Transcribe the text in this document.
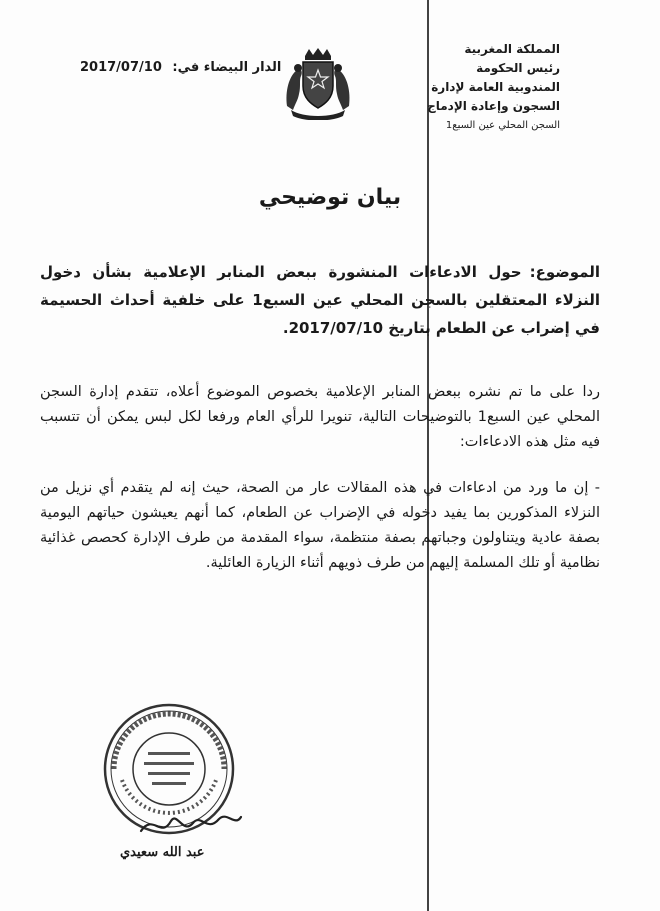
المملكة المغربية
رئيس الحكومة
المندوبية العامة لإدارة
السجون وإعادة الإدماج
السجن المحلي عين السبع1
الدار البيضاء في: 2017/07/10
بيان توضيحي
الموضوع:حول الادعاءات المنشورة ببعض المنابر الإعلامية بشأن دخول النزلاء المعتقلين بالسجن المحلي عين السبع1 على خلفية أحداث الحسيمة في إضراب عن الطعام بتاريخ 2017/07/10.
ردا على ما تم نشره ببعض المنابر الإعلامية بخصوص الموضوع أعلاه، تتقدم إدارة السجن المحلي عين السبع1 بالتوضيحات التالية، تنويرا للرأي العام ورفعا لكل لبس يمكن أن تتسبب فيه مثل هذه الادعاءات:
- إن ما ورد من ادعاءات في هذه المقالات عار من الصحة، حيث إنه لم يتقدم أي نزيل من النزلاء المذكورين بما يفيد دخوله في الإضراب عن الطعام، كما أنهم يعيشون حياتهم اليومية بصفة عادية ويتناولون وجباتهم بصفة منتظمة، سواء المقدمة من طرف الإدارة كحصص غذائية نظامية أو تلك المسلمة إليهم من طرف ذويهم أثناء الزيارة العائلية.
عبد الله سعيدي
